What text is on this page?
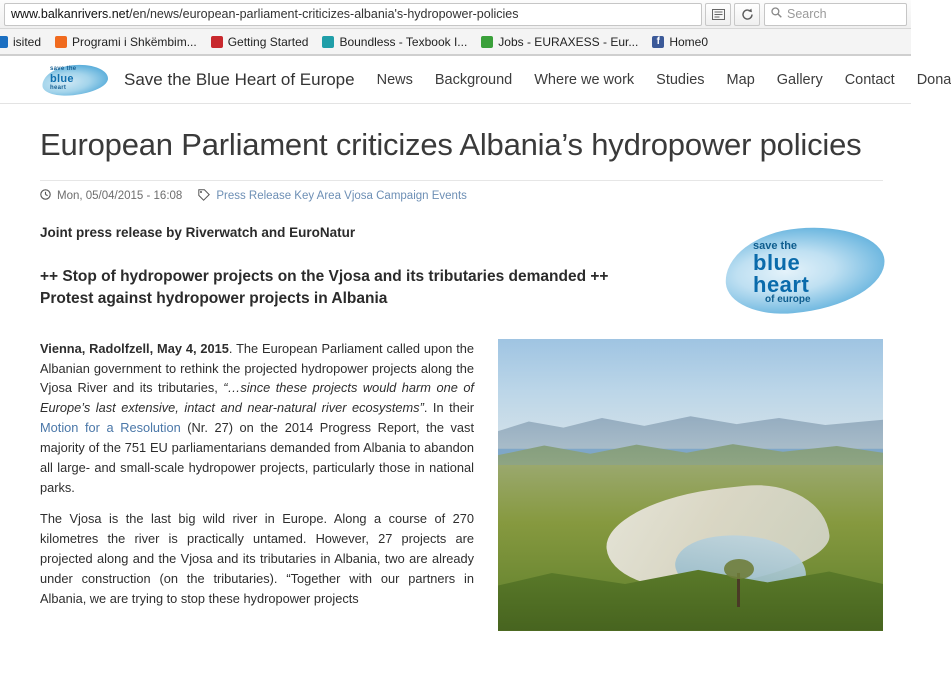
www.balkanrivers.net /en/news/european-parliament-criticizes-albania's-hydropower-policies	Search
isited	Programi i Shkëmbim...	Getting Started	Boundless - Texbook I...	Jobs - EURAXESS - Eur...	f Home0
save the
blue
heart	Save the Blue Heart of Europe News Background Where we work Studies Map Gallery Contact Dona
European Parliament criticizes Albania’s hydropower policies
Mon, 05/04/2015 - 16:08	Press Release Key Area Vjosa Campaign Events
Joint press release by Riverwatch and EuroNatur
++ Stop of hydropower projects on the Vjosa and its tributaries demanded ++
Protest against hydropower projects in Albania

Vienna, Radolfzell, May 4, 2015. The European Parliament called upon the Albanian government to rethink the projected hydropower projects along the Vjosa River and its tributaries, “…since these projects would harm one of Europe’s last extensive, intact and near-natural river ecosystems”. In their Motion for a Resolution (Nr. 27) on the 2014 Progress Report, the vast majority of the 751 EU parliamentarians demanded from Albania to abandon all large- and small-scale hydropower projects, particularly those in national parks.

The Vjosa is the last big wild river in Europe. Along a course of 270 kilometres the river is practically untamed. However, 27 projects are projected along and the Vjosa and its tributaries in Albania, two are already under construction (on the tributaries). “Together with our partners in Albania, we are trying to stop these hydropower projects

save the
blue
heart
of europe
